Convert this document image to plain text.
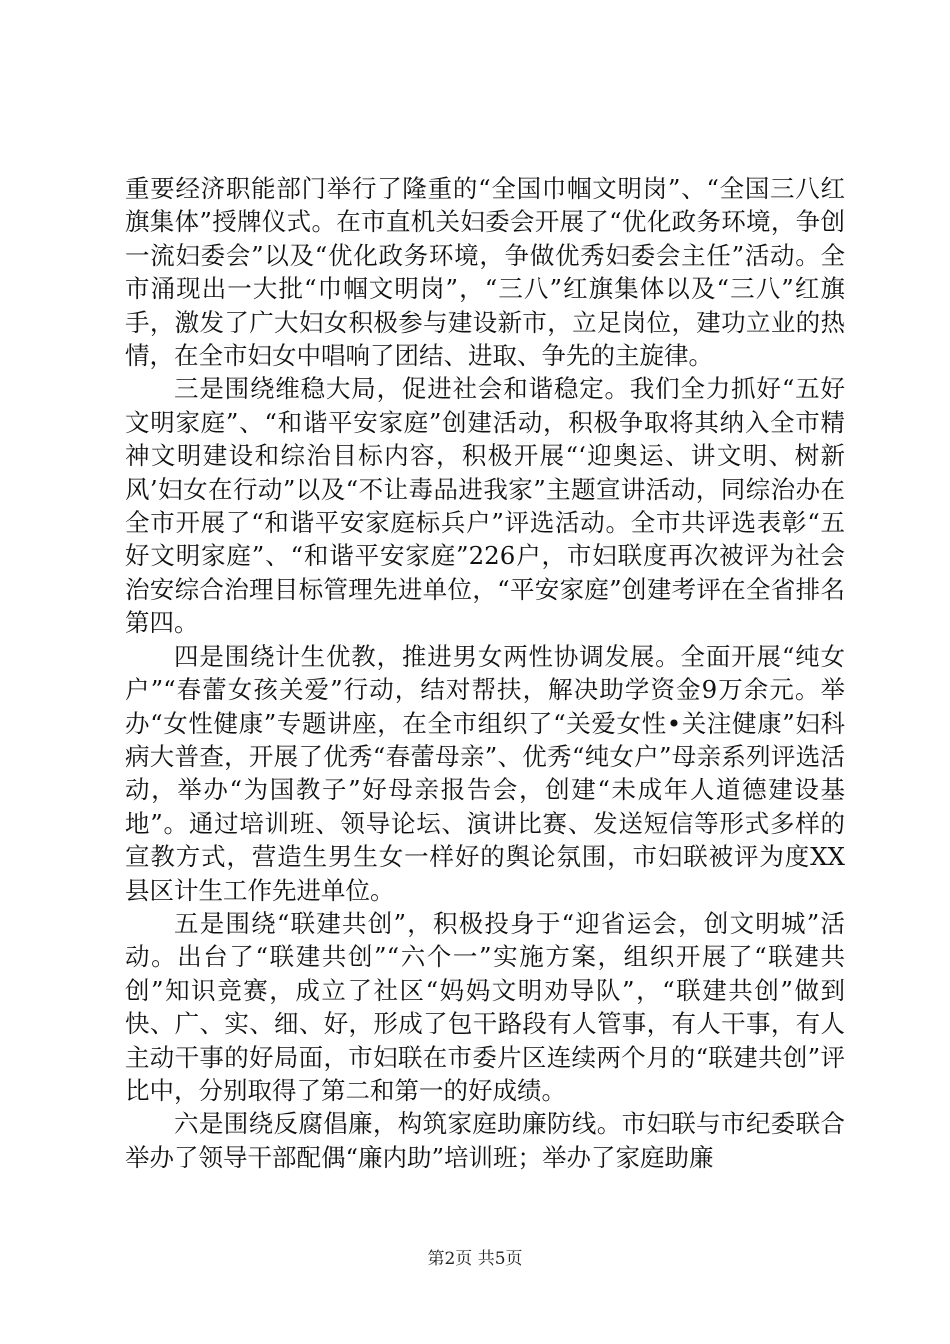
重要经济职能部门举行了隆重的“全国巾帼文明岗”、“全国三八红旗集体”授牌仪式。在市直机关妇委会开展了“优化政务环境，争创一流妇委会”以及“优化政务环境，争做优秀妇委会主任”活动。全市涌现出一大批“巾帼文明岗”，“三八”红旗集体以及“三八”红旗手，激发了广大妇女积极参与建设新市，立足岗位，建功立业的热情，在全市妇女中唱响了团结、进取、争先的主旋律。

三是围绕维稳大局，促进社会和谐稳定。我们全力抓好“五好文明家庭”、“和谐平安家庭”创建活动，积极争取将其纳入全市精神文明建设和综治目标内容，积极开展“‘迎奥运、讲文明、树新风’妇女在行动”以及“不让毒品进我家”主题宣讲活动，同综治办在全市开展了“和谐平安家庭标兵户”评选活动。全市共评选表彰“五好文明家庭”、“和谐平安家庭”226户，市妇联度再次被评为社会治安综合治理目标管理先进单位，“平安家庭”创建考评在全省排名第四。

四是围绕计生优教，推进男女两性协调发展。全面开展“纯女户”“春蕾女孩关爱”行动，结对帮扶，解决助学资金9万余元。举办“女性健康”专题讲座，在全市组织了“关爱女性•关注健康”妇科病大普查，开展了优秀“春蕾母亲”、优秀“纯女户”母亲系列评选活动，举办“为国教子”好母亲报告会，创建“未成年人道德建设基地”。通过培训班、领导论坛、演讲比赛、发送短信等形式多样的宣教方式，营造生男生女一样好的舆论氛围，市妇联被评为度XX县区计生工作先进单位。

五是围绕“联建共创”，积极投身于“迎省运会，创文明城”活动。出台了“联建共创”“六个一”实施方案，组织开展了“联建共创”知识竞赛，成立了社区“妈妈文明劝导队”，“联建共创”做到快、广、实、细、好，形成了包干路段有人管事，有人干事，有人主动干事的好局面，市妇联在市委片区连续两个月的“联建共创”评比中，分别取得了第二和第一的好成绩。

六是围绕反腐倡廉，构筑家庭助廉防线。市妇联与市纪委联合举办了领导干部配偶“廉内助”培训班；举办了家庭助廉

第2页 共5页
